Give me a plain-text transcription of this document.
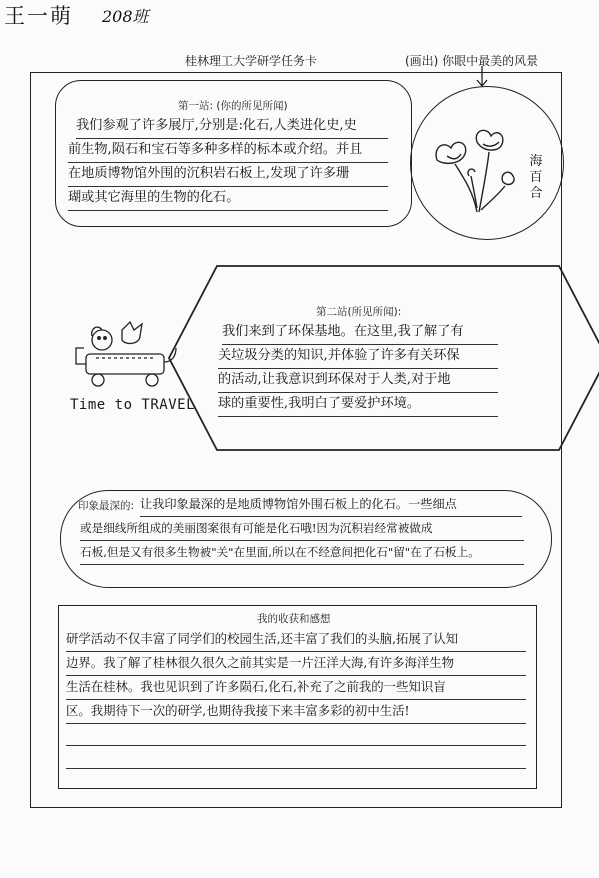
王一萌 208班
桂林理工大学研学任务卡	(画出) 你眼中最美的风景
第一站: (你的所见所闻)
我们参观了许多展厅,分别是:化石,人类进化史,史
前生物,陨石和宝石等多种多样的标本或介绍。并且
在地质博物馆外围的沉积岩石板上,发现了许多珊
瑚或其它海里的生物的化石。
海百合
Time to TRAVEL
第二站(所见所闻):
我们来到了环保基地。在这里,我了解了有
关垃圾分类的知识,并体验了许多有关环保
的活动,让我意识到环保对于人类,对于地
球的重要性,我明白了要爱护环境。
印象最深的: 让我印象最深的是地质博物馆外围石板上的化石。一些细点
或是细线所组成的美丽图案很有可能是化石哦!因为沉积岩经常被做成
石板,但是又有很多生物被"关"在里面,所以在不经意间把化石"留"在了石板上。
我的收获和感想
研学活动不仅丰富了同学们的校园生活,还丰富了我们的头脑,拓展了认知
边界。我了解了桂林很久很久之前其实是一片汪洋大海,有许多海洋生物
生活在桂林。我也见识到了许多陨石,化石,补充了之前我的一些知识盲
区。我期待下一次的研学,也期待我接下来丰富多彩的初中生活!
